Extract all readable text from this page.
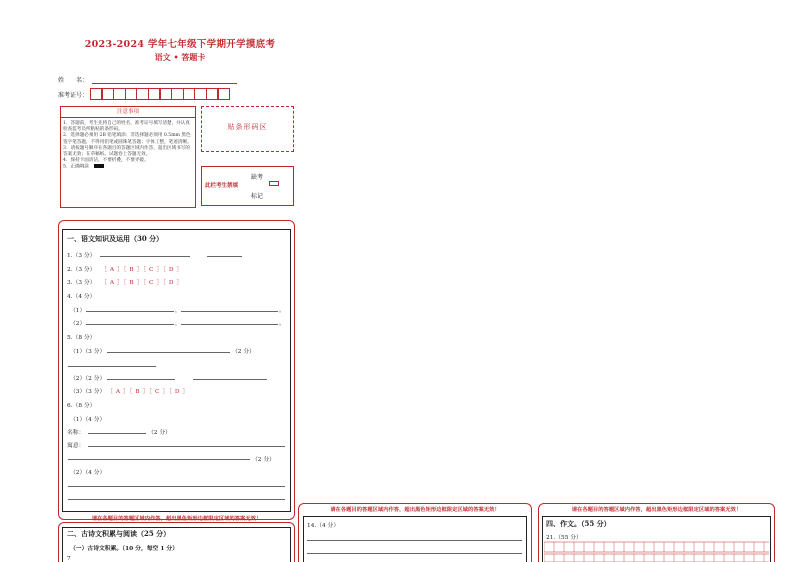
2023-2024 学年七年级下学期开学摸底考
语文 • 答题卡
姓　　名：
准考证号：
注意事项
1．答题前，考生先将自己的姓名，准考证号填写清楚，并认真检查监考员所粘贴的条形码。
2．选择题必须用 2B 铅笔填涂；非选择题必须用 0.5mm 黑色签字笔答题，不得用铅笔或圆珠笔答题；字体工整，笔迹清晰。
3．请按题号顺序在各题目的答题区域内作答，超出区域书写的答案无效；在草稿纸、试题卷上答题无效。
4．保持卡面清洁，不要折叠，不要弄破。
5．正确填涂
贴条形码区
缺考
此栏考生禁填
标记
一、语文知识及运用（30 分）
1.（3 分）
2.（3 分） ［ A ］［ B ］［ C ］［ D ］
3.（3 分） ［ A ］［ B ］［ C ］［ D ］
4.（4 分）
（1）	，	。
（2）	，	。
5.（8 分）
（1）（3 分）	（2 分）
（2）（2 分）
（3）（3 分） ［ A ］［ B ］［ C ］［ D ］
6.（8 分）
（1）（4 分）
名称：	（2 分）
寓意：
（2 分）
（2）（4 分）
请在各题目的答题区域内作答，超出黑色矩形边框限定区域的答案无效！
二、古诗文积累与阅读（25 分）
（一）古诗文积累。（10 分，每空 1 分）
7
请在各题目的答题区域内作答，超出黑色矩形边框限定区域的答案无效！
14.（4 分）
请在各题目的答题区域内作答，超出黑色矩形边框限定区域的答案无效！
四、作文。（55 分）
21.（55 分）
